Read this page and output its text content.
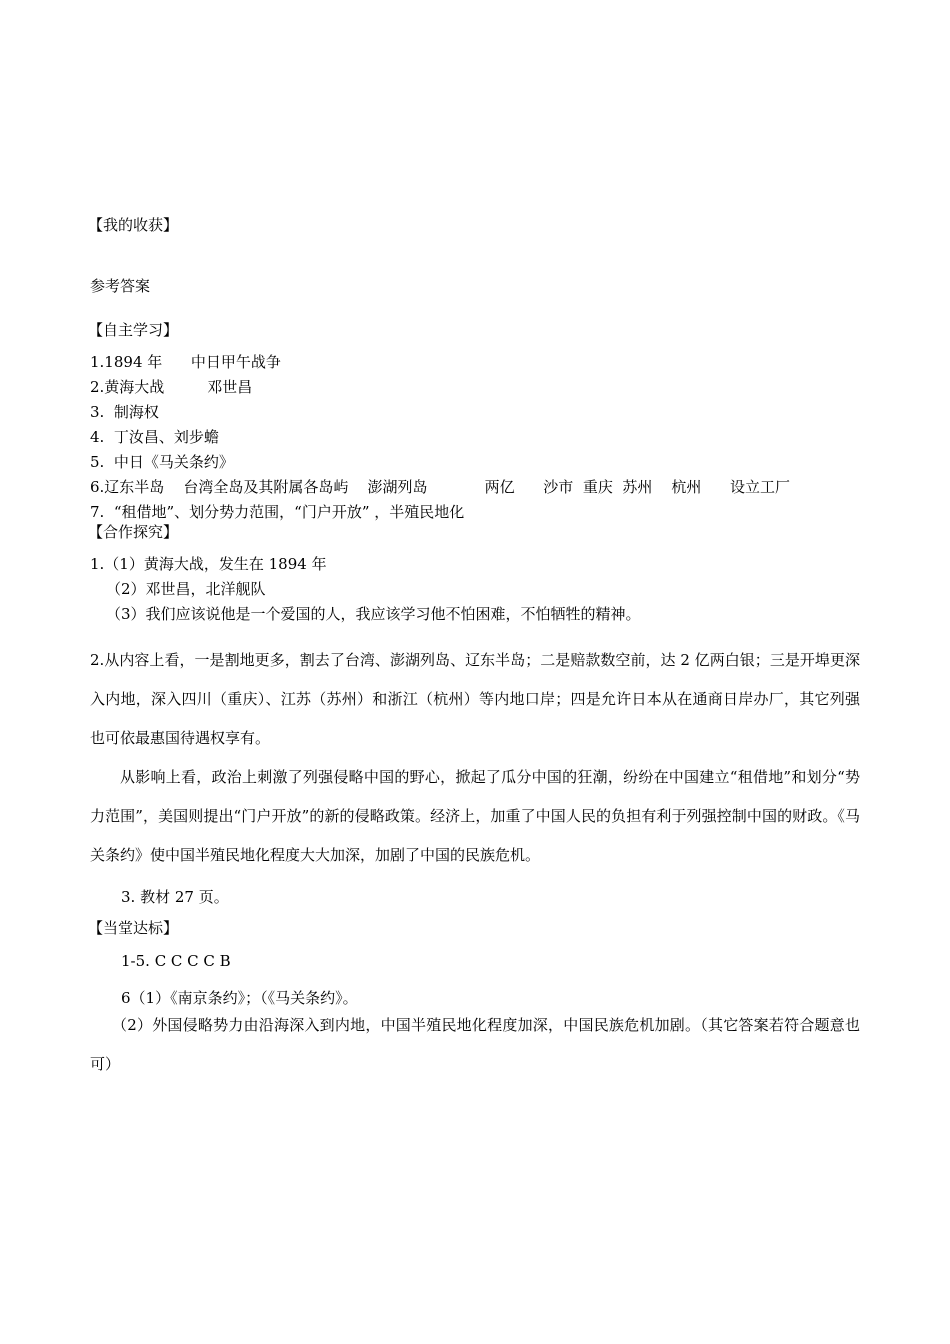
【我的收获】
参考答案
【自主学习】
1.1894 年      中日甲午战争
2.黄海大战         邓世昌
3.  制海权
4.  丁汝昌、刘步蟾
5.  中日《马关条约》
6.辽东半岛    台湾全岛及其附属各岛屿    澎湖列岛            两亿      沙市  重庆  苏州    杭州      设立工厂
7.  “租借地”、划分势力范围，“门户开放” ，半殖民地化
【合作探究】
1.（1）黄海大战，发生在 1894 年
（2）邓世昌，北洋舰队
（3）我们应该说他是一个爱国的人，我应该学习他不怕困难，不怕牺牲的精神。
2.从内容上看，一是割地更多，割去了台湾、澎湖列岛、辽东半岛；二是赔款数空前，达 2 亿两白银；三是开埠更深入内地，深入四川（重庆）、江苏（苏州）和浙江（杭州）等内地口岸；四是允许日本从在通商日岸办厂，其它列强也可依最惠国待遇权享有。
从影响上看，政治上刺激了列强侵略中国的野心，掀起了瓜分中国的狂潮，纷纷在中国建立“租借地”和划分“势力范围”，美国则提出“门户开放”的新的侵略政策。经济上，加重了中国人民的负担有利于列强控制中国的财政。《马关条约》使中国半殖民地化程度大大加深，加剧了中国的民族危机。
3. 教材 27 页。
【当堂达标】
1-5. C C C C B
6（1）《南京条约》；（《马关条约》。
（2）外国侵略势力由沿海深入到内地，中国半殖民地化程度加深，中国民族危机加剧。（其它答案若符合题意也可）
